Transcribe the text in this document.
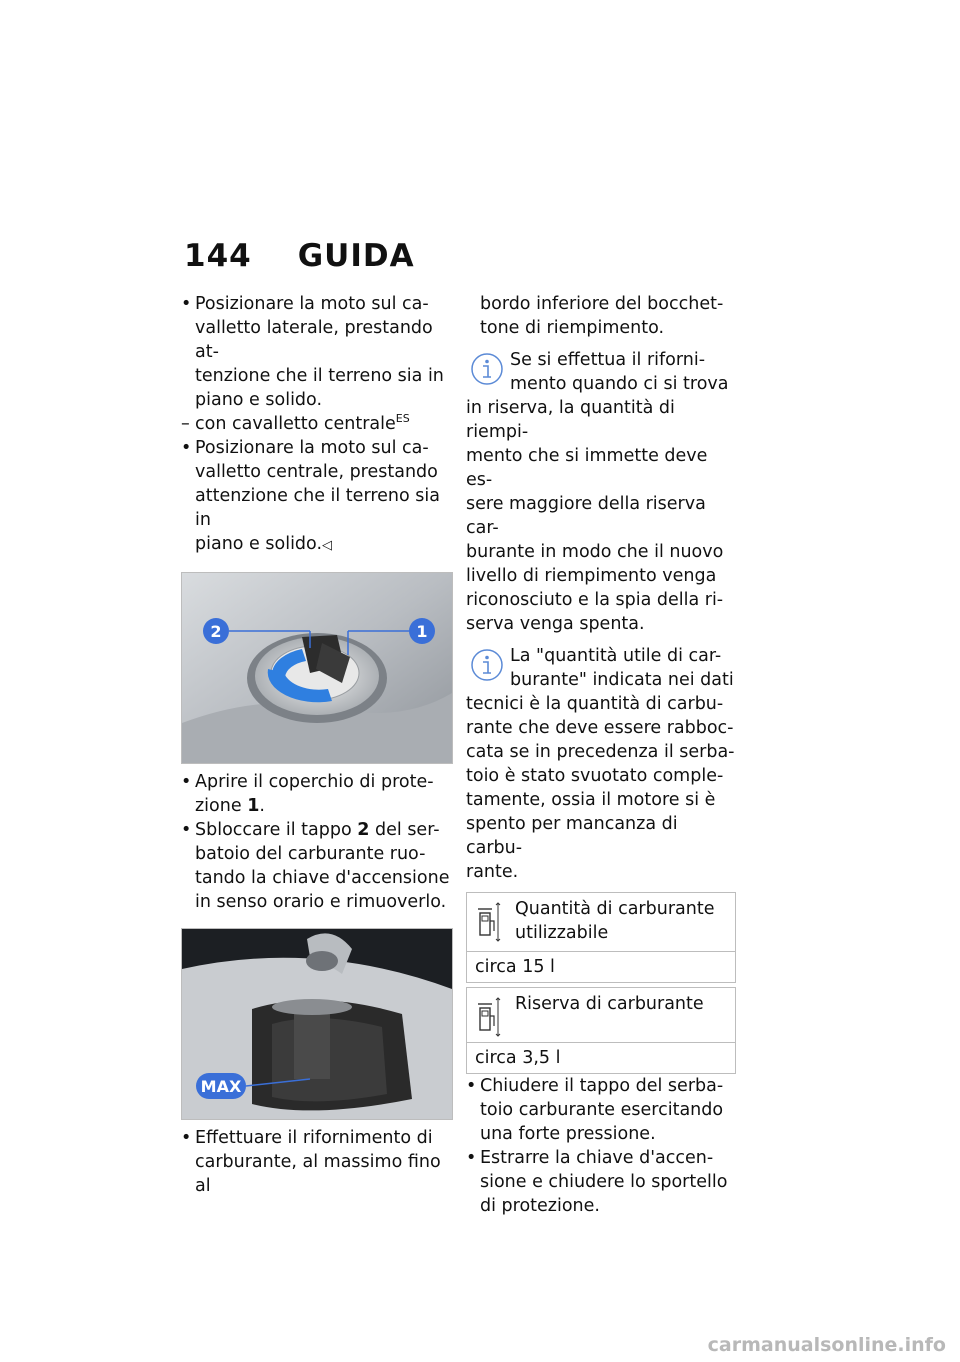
144 GUIDA
• Posizionare la moto sul ca-
valletto laterale, prestando at-
tenzione che il terreno sia in
piano e solido.
– con cavalletto centrale$^{ES}$
• Posizionare la moto sul ca-
valletto centrale, prestando
attenzione che il terreno sia in
piano e solido.◁
2	1
• Aprire il coperchio di prote-
zione 1.
• Sbloccare il tappo 2 del ser-
batoio del carburante ruo-
tando la chiave d'accensione
in senso orario e rimuoverlo.
MAX
• Effettuare il rifornimento di
carburante, al massimo fino al
bordo inferiore del bocchet-
tone di riempimento.
Se si effettua il riforni-
mento quando ci si trova
in riserva, la quantità di riempi-
mento che si immette deve es-
sere maggiore della riserva car-
burante in modo che il nuovo
livello di riempimento venga
riconosciuto e la spia della ri-
serva venga spenta.
La "quantità utile di car-
burante" indicata nei dati
tecnici è la quantità di carbu-
rante che deve essere rabboc-
cata se in precedenza il serba-
toio è stato svuotato comple-
tamente, ossia il motore si è
spento per mancanza di carbu-
rante.
Quantità di carburante
utilizzabile
circa 15 l
Riserva di carburante
circa 3,5 l
• Chiudere il tappo del serba-
toio carburante esercitando
una forte pressione.
• Estrarre la chiave d'accen-
sione e chiudere lo sportello
di protezione.
carmanualsonline.info
